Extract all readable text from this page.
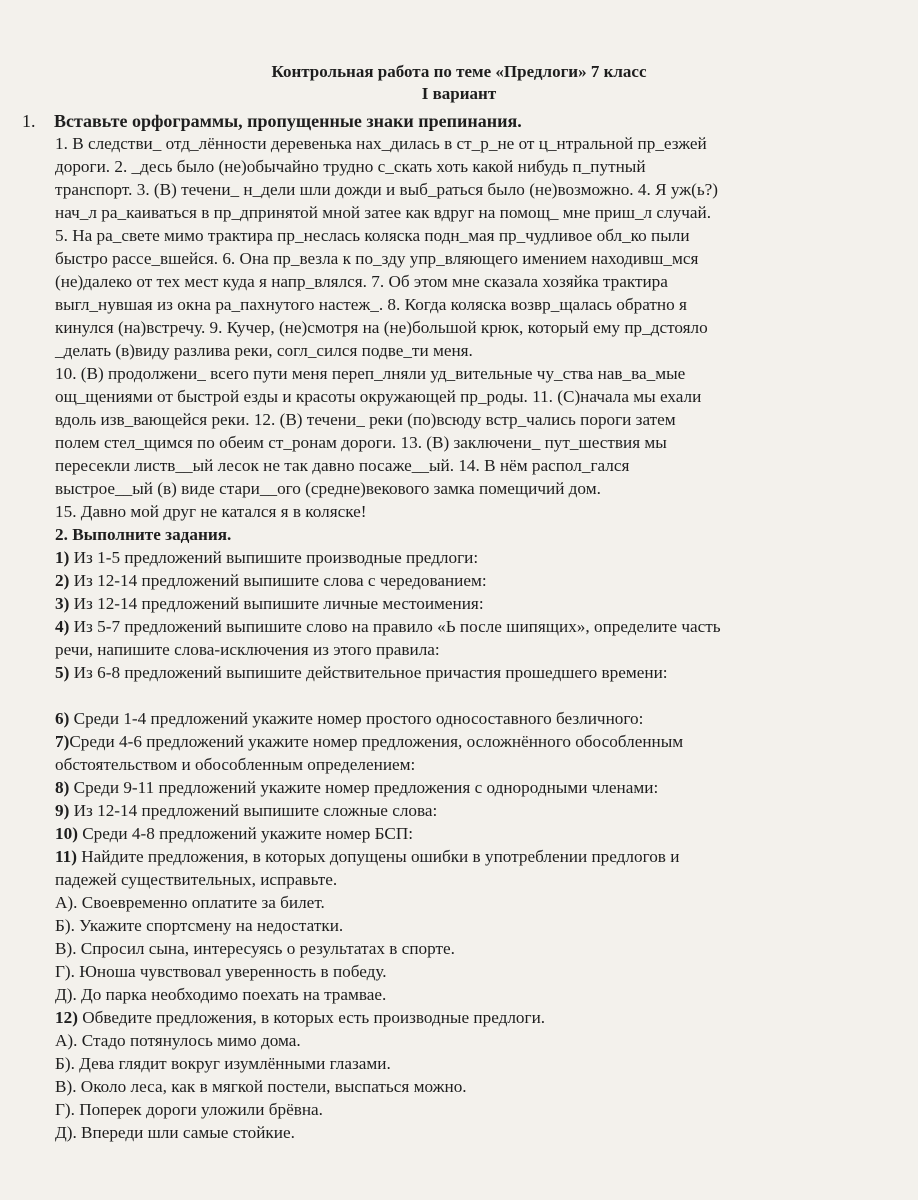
Контрольная работа по теме «Предлоги» 7 класс
I вариант
1. Вставьте орфограммы, пропущенные знаки препинания.

1. В следстви_ отд_лённости деревенька нах_дилась в ст_р_не от ц_нтральной пр_езжей

дороги. 2. _десь было (не)обычайно трудно с_скать хоть какой нибудь п_путный

транспорт. 3. (В) течени_ н_дели шли дожди и выб_раться было (не)возможно. 4. Я уж(ь?)

нач_л ра_каиваться в пр_дпринятой мной затее как вдруг на помощ_ мне приш_л случай.

5. На ра_свете мимо трактира пр_неслась коляска подн_мая пр_чудливое обл_ко пыли

быстро рассе_вшейся. 6. Она пр_везла к по_зду упр_вляющего имением находивш_мся

(не)далеко от тех мест куда я напр_влялся. 7. Об этом мне сказала хозяйка трактира

выгл_нувшая из окна ра_пахнутого настеж_. 8. Когда коляска возвр_щалась обратно я

кинулся (на)встречу. 9. Кучер, (не)смотря на (не)большой крюк, который ему пр_дстояло

_делать (в)виду разлива реки, согл_сился подве_ти меня.

10. (В) продолжени_ всего пути меня переп_лняли уд_вительные чу_ства нав_ва_мые

ощ_щениями от быстрой езды и красоты окружающей пр_роды. 11. (С)начала мы ехали

вдоль изв_вающейся реки. 12. (В) течени_ реки (по)всюду встр_чались пороги затем

полем стел_щимся по обеим ст_ронам дороги. 13. (В) заключени_ пут_шествия мы

пересекли листв__ый лесок не так давно посаже__ый. 14. В нём распол_гался

выстрое__ый (в) виде стари__ого (средне)векового замка помещичий дом.

15. Давно мой друг не катался я в коляске!

2. Выполните задания.

1) Из 1-5 предложений выпишите производные предлоги:

2) Из 12-14 предложений выпишите слова с чередованием:

3) Из 12-14 предложений выпишите личные местоимения:

4) Из 5-7 предложений выпишите слово на правило «Ь после шипящих», определите часть

речи, напишите слова-исключения из этого правила:

5) Из 6-8 предложений выпишите действительное причастия прошедшего времени:

6) Среди 1-4 предложений укажите номер простого односоставного безличного:

7)Среди 4-6 предложений укажите номер предложения, осложнённого обособленным

обстоятельством и обособленным определением:

8) Среди 9-11 предложений укажите номер предложения с однородными членами:

9) Из 12-14 предложений выпишите сложные слова:

10) Среди 4-8 предложений укажите номер БСП:

11) Найдите предложения, в которых допущены ошибки в употреблении предлогов и

падежей существительных, исправьте.

А). Своевременно оплатите за билет.

Б). Укажите спортсмену на недостатки.

В). Спросил сына, интересуясь о результатах в спорте.

Г). Юноша чувствовал уверенность в победу.

Д). До парка необходимо поехать на трамвае.

12) Обведите предложения, в которых есть производные предлоги.

А). Стадо потянулось мимо дома.

Б). Дева глядит вокруг изумлёнными глазами.

В). Около леса, как в мягкой постели, выспаться можно.

Г). Поперек дороги уложили брёвна.

Д). Впереди шли самые стойкие.
